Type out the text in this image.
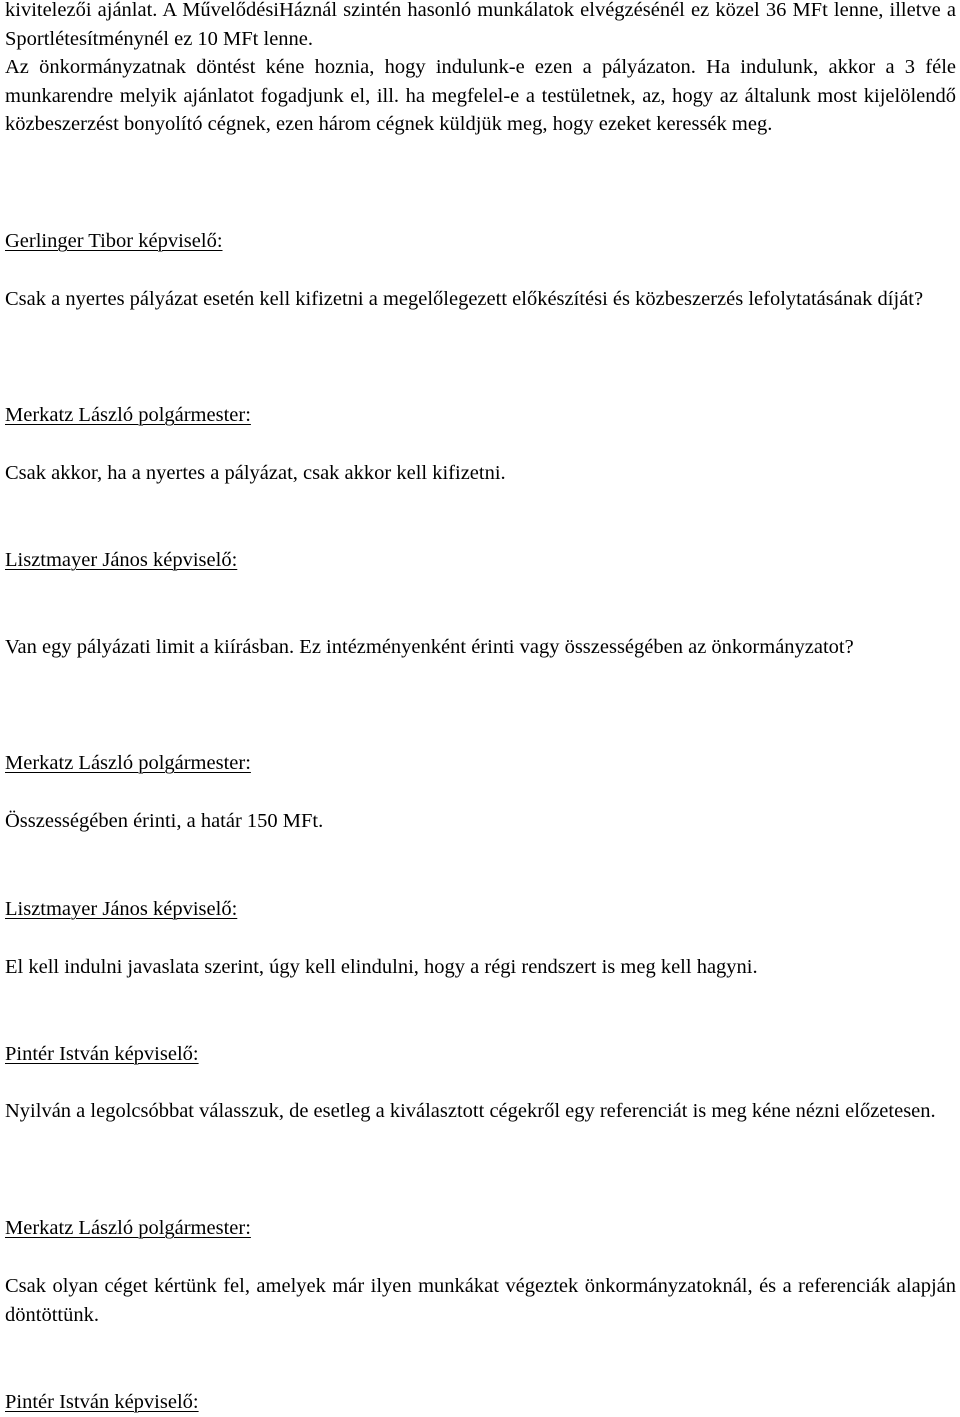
kivitelezői ajánlat. A MűvelődésiHáznál szintén hasonló munkálatok elvégzésénél ez közel 36 MFt lenne, illetve a Sportlétesítménynél ez 10 MFt lenne.

Az önkormányzatnak döntést kéne hoznia, hogy indulunk-e ezen a pályázaton. Ha indulunk, akkor a 3 féle munkarendre melyik ajánlatot fogadjunk el, ill. ha megfelel-e a testületnek, az, hogy az általunk most kijelölendő közbeszerzést bonyolító cégnek, ezen három cégnek küldjük meg, hogy ezeket keressék meg.

Gerlinger Tibor képviselő:

Csak a nyertes pályázat esetén kell kifizetni a megelőlegezett előkészítési és közbeszerzés lefolytatásának díját?

Merkatz László polgármester:

Csak akkor, ha a nyertes a pályázat, csak akkor kell kifizetni.

Lisztmayer János képviselő:

Van egy pályázati limit a kiírásban. Ez intézményenként érinti vagy összességében az önkormányzatot?

Merkatz László polgármester:

Összességében érinti, a határ 150 MFt.

Lisztmayer János képviselő:

El kell indulni javaslata szerint, úgy kell elindulni, hogy a régi rendszert is meg kell hagyni.

Pintér István képviselő:

Nyilván a legolcsóbbat válasszuk, de esetleg a kiválasztott cégekről egy referenciát is meg kéne nézni előzetesen.

Merkatz László polgármester:

Csak olyan céget kértünk fel, amelyek már ilyen munkákat végeztek önkormányzatoknál, és a referenciák alapján döntöttünk.

Pintér István képviselő:
